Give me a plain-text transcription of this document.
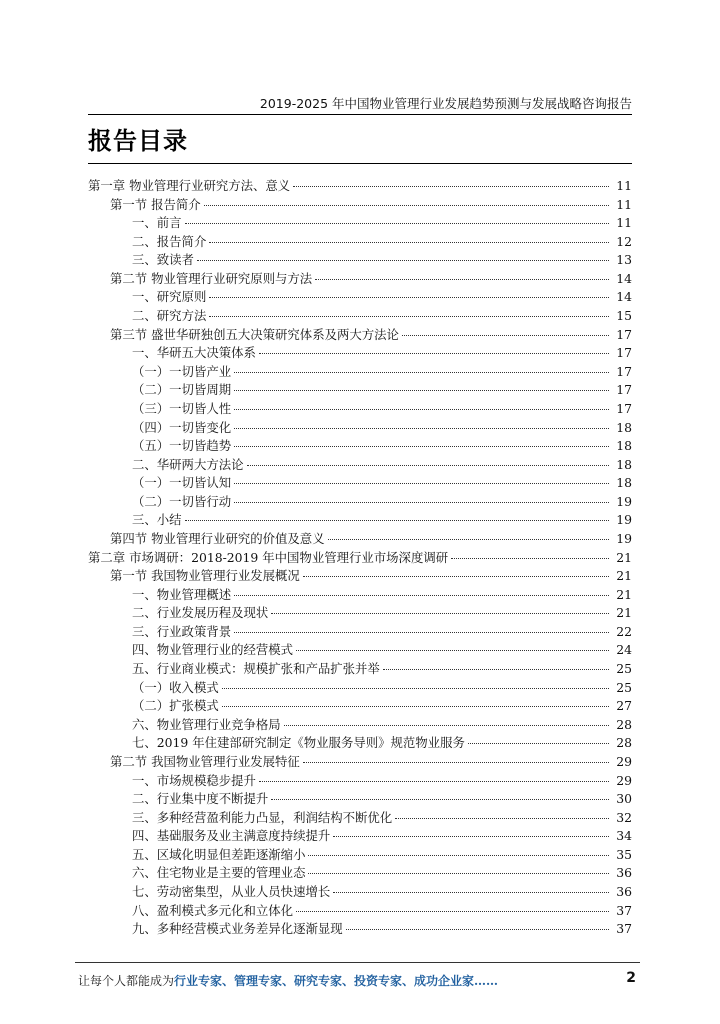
2019-2025 年中国物业管理行业发展趋势预测与发展战略咨询报告
报告目录
第一章 物业管理行业研究方法、意义	11
第一节 报告简介	11
一、前言	11
二、报告简介	12
三、致读者	13
第二节 物业管理行业研究原则与方法	14
一、研究原则	14
二、研究方法	15
第三节 盛世华研独创五大决策研究体系及两大方法论	17
一、华研五大决策体系	17
（一）一切皆产业	17
（二）一切皆周期	17
（三）一切皆人性	17
（四）一切皆变化	18
（五）一切皆趋势	18
二、华研两大方法论	18
（一）一切皆认知	18
（二）一切皆行动	19
三、小结	19
第四节 物业管理行业研究的价值及意义	19
第二章 市场调研：2018-2019 年中国物业管理行业市场深度调研	21
第一节 我国物业管理行业发展概况	21
一、物业管理概述	21
二、行业发展历程及现状	21
三、行业政策背景	22
四、物业管理行业的经营模式	24
五、行业商业模式：规模扩张和产品扩张并举	25
（一）收入模式	25
（二）扩张模式	27
六、物业管理行业竞争格局	28
七、2019 年住建部研究制定《物业服务导则》规范物业服务	28
第二节 我国物业管理行业发展特征	29
一、市场规模稳步提升	29
二、行业集中度不断提升	30
三、多种经营盈利能力凸显，利润结构不断优化	32
四、基础服务及业主满意度持续提升	34
五、区域化明显但差距逐渐缩小	35
六、住宅物业是主要的管理业态	36
七、劳动密集型，从业人员快速增长	36
八、盈利模式多元化和立体化	37
九、多种经营模式业务差异化逐渐显现	37
让每个人都能成为行业专家、管理专家、研究专家、投资专家、成功企业家……	2
